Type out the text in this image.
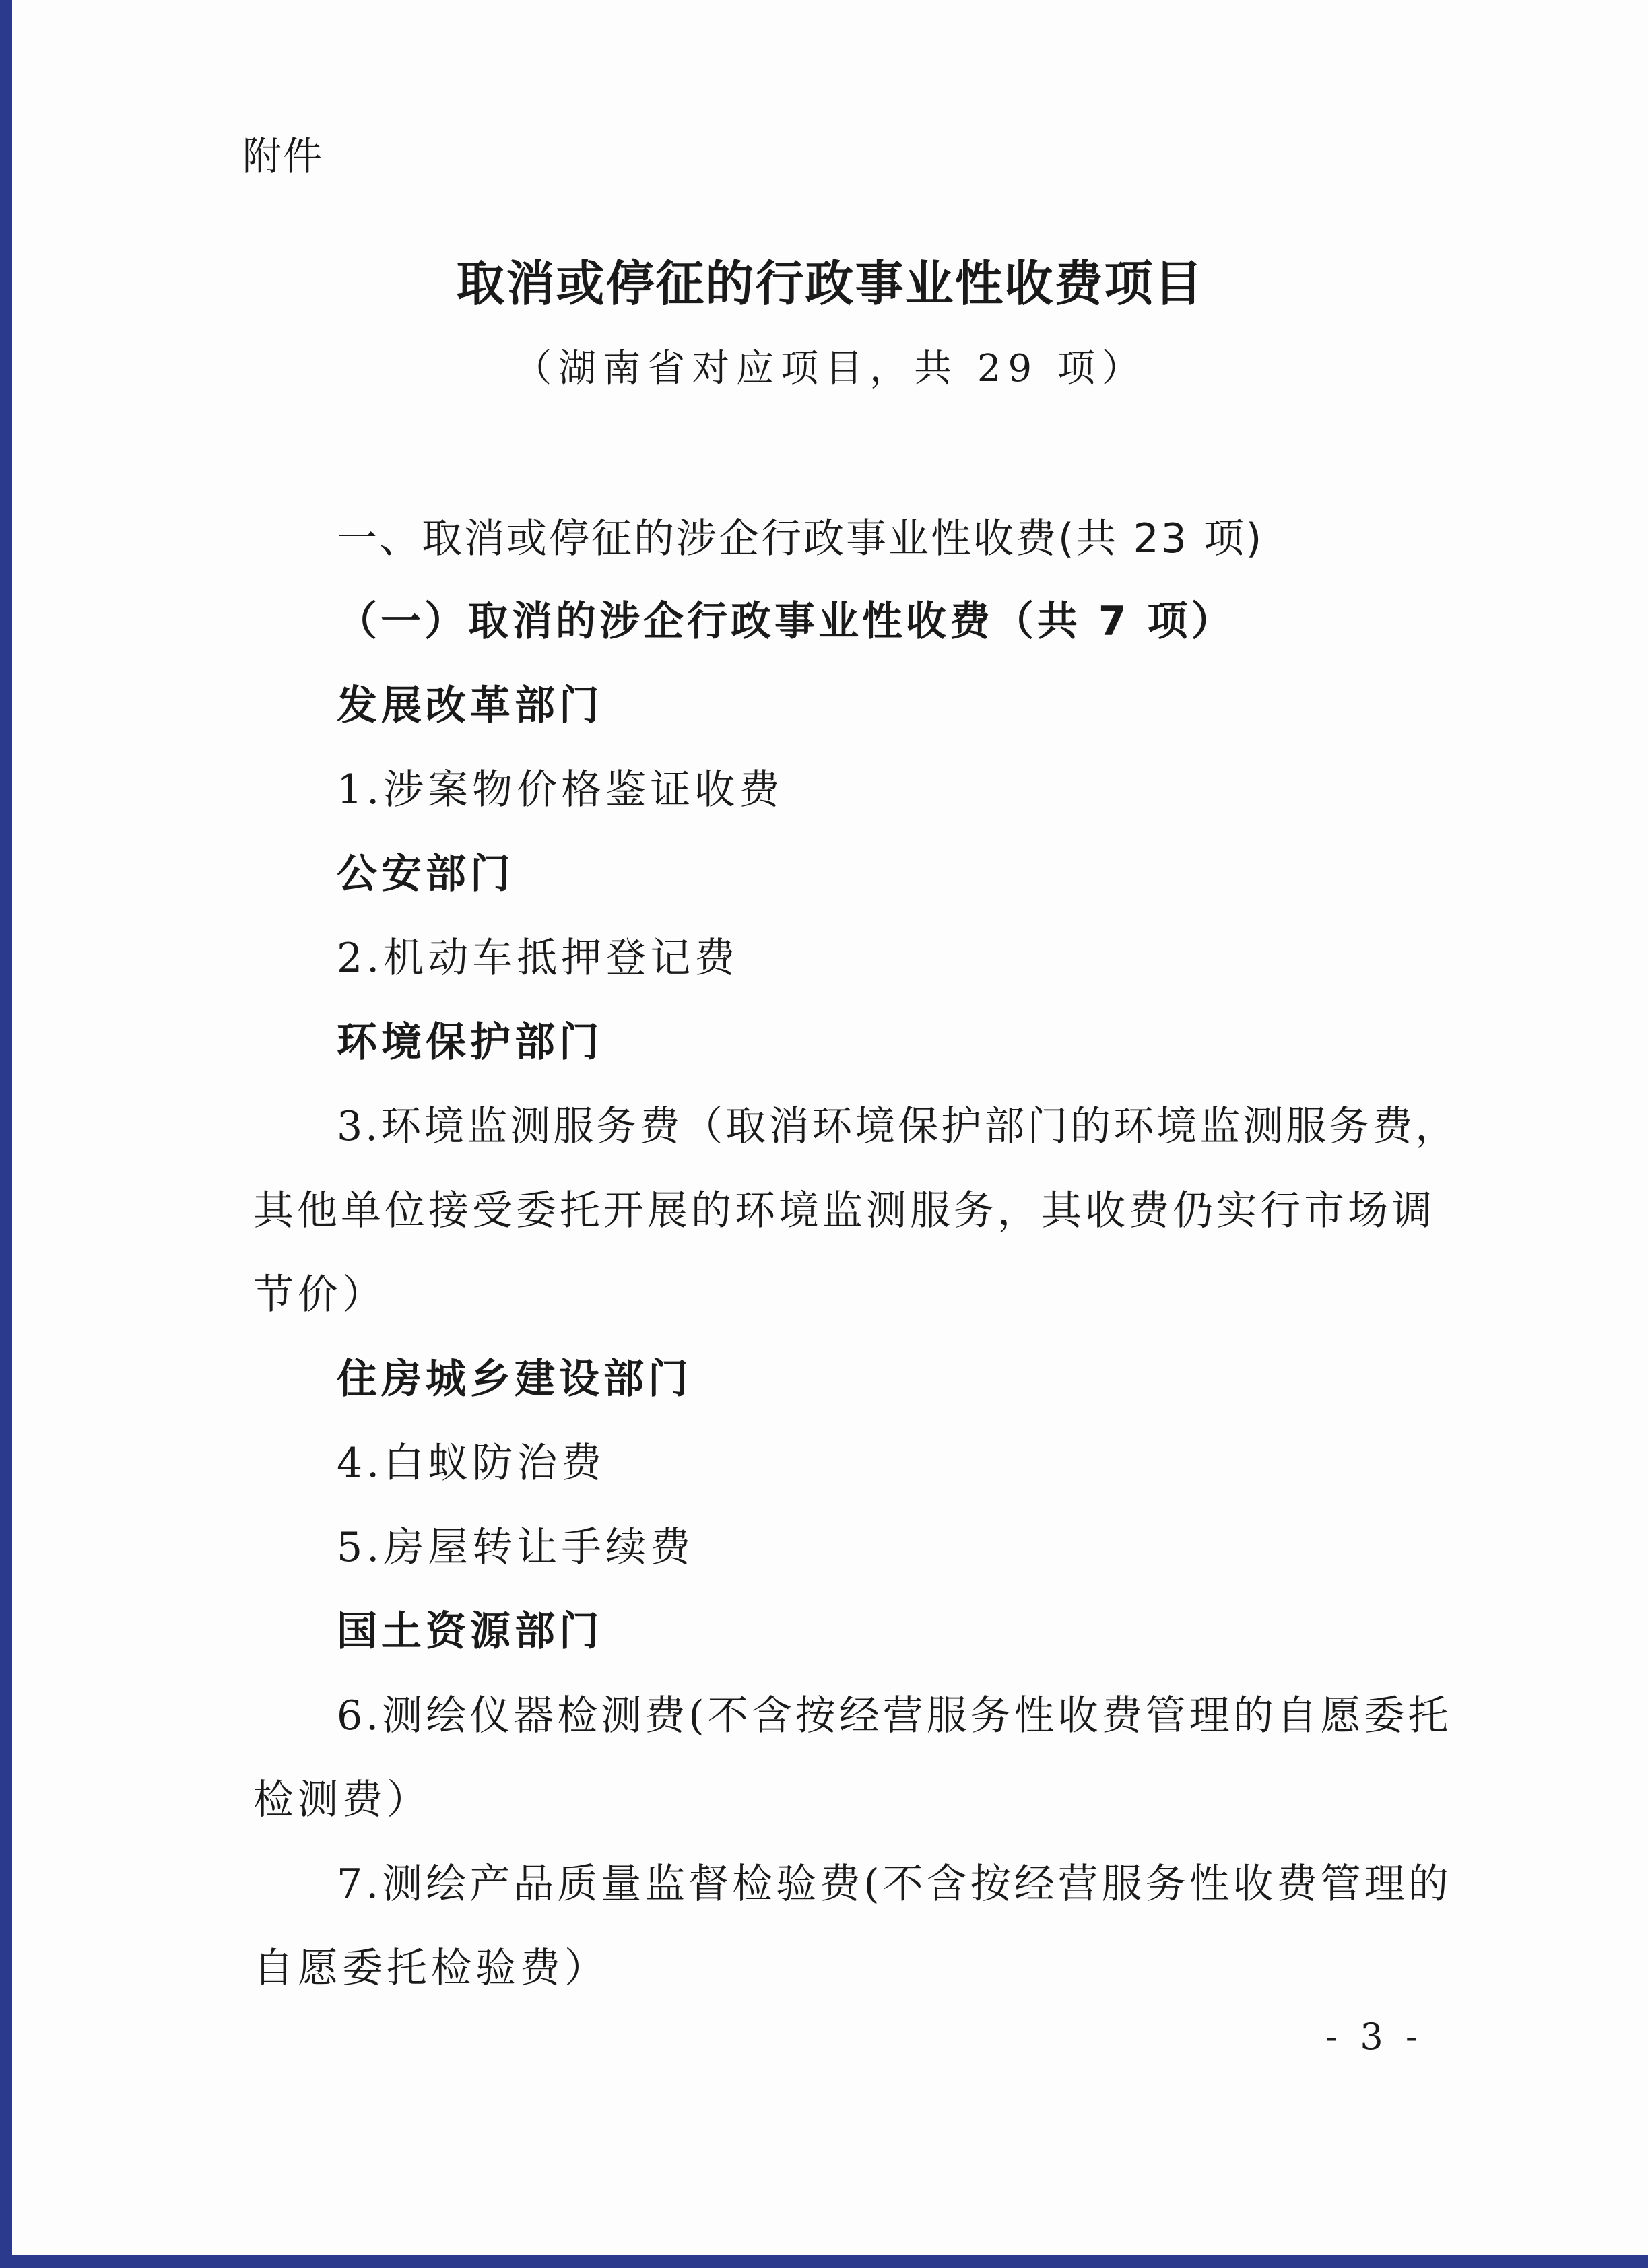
附件
取消或停征的行政事业性收费项目
（湖南省对应项目，共 29 项）
一、取消或停征的涉企行政事业性收费(共 23 项)
（一）取消的涉企行政事业性收费（共 7 项）
发展改革部门
1.涉案物价格鉴证收费
公安部门
2.机动车抵押登记费
环境保护部门
3.环境监测服务费（取消环境保护部门的环境监测服务费，
其他单位接受委托开展的环境监测服务，其收费仍实行市场调
节价）
住房城乡建设部门
4.白蚁防治费
5.房屋转让手续费
国土资源部门
6.测绘仪器检测费(不含按经营服务性收费管理的自愿委托
检测费）
7.测绘产品质量监督检验费(不含按经营服务性收费管理的
自愿委托检验费）
- 3 -
